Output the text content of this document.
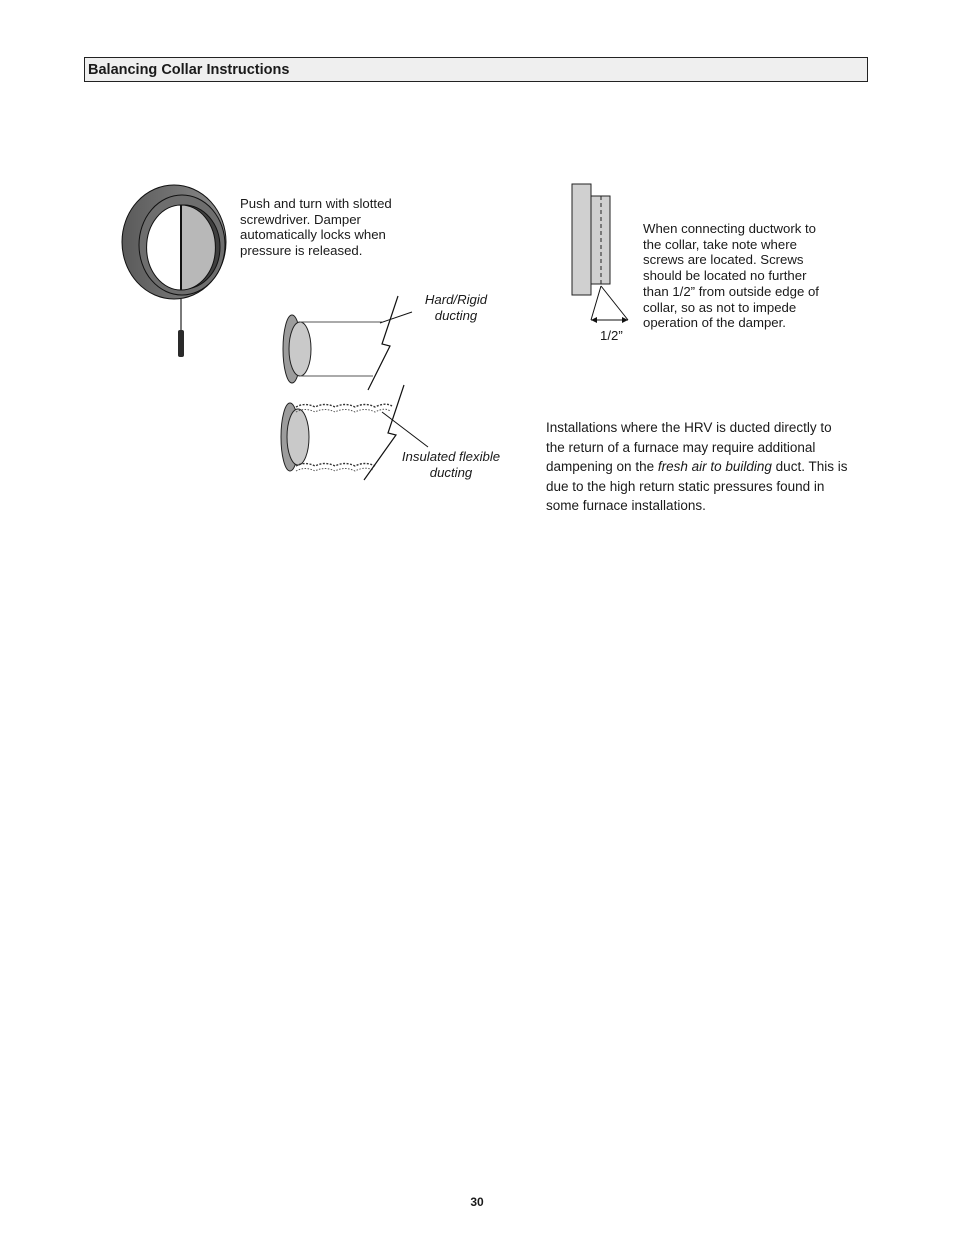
Balancing Collar Instructions
Push and turn with slotted screwdriver. Damper automatically locks when pressure is released.
Hard/Rigid ducting
Insulated flexible ducting
1/2”
When connecting ductwork to the collar, take note where screws are located. Screws should be located no further than 1/2” from outside edge of collar, so as not to impede operation of the damper.
Installations where the HRV is ducted directly to the return of a furnace may require additional dampening on the fresh air to building duct. This is due to the high return static pressures found in some furnace installations.
30
